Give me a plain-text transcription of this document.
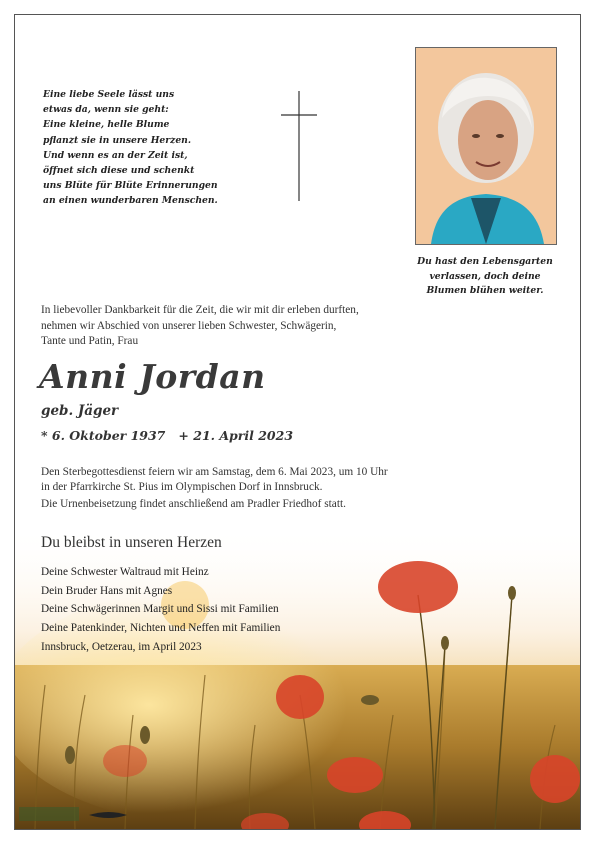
Eine liebe Seele lässt uns
etwas da, wenn sie geht:
Eine kleine, helle Blume
pflanzt sie in unsere Herzen.
Und wenn es an der Zeit ist,
öffnet sich diese und schenkt
uns Blüte für Blüte Erinnerungen
an einen wunderbaren Menschen.
Du hast den Lebensgarten
verlassen, doch deine
Blumen blühen weiter.
In liebevoller Dankbarkeit für die Zeit, die wir mit dir erleben durften,
nehmen wir Abschied von unserer lieben Schwester, Schwägerin,
Tante und Patin, Frau
Anni Jordan
geb. Jäger
* 6. Oktober 1937   + 21. April 2023
Den Sterbegottesdienst feiern wir am Samstag, dem 6. Mai 2023, um 10 Uhr
in der Pfarrkirche St. Pius im Olympischen Dorf in Innsbruck.
Die Urnenbeisetzung findet anschließend am Pradler Friedhof statt.
Du bleibst in unseren Herzen
Deine Schwester Waltraud mit Heinz
Dein Bruder Hans mit Agnes
Deine Schwägerinnen Margit und Sissi mit Familien
Deine Patenkinder, Nichten und Neffen mit Familien
Innsbruck, Oetzerau, im April 2023
